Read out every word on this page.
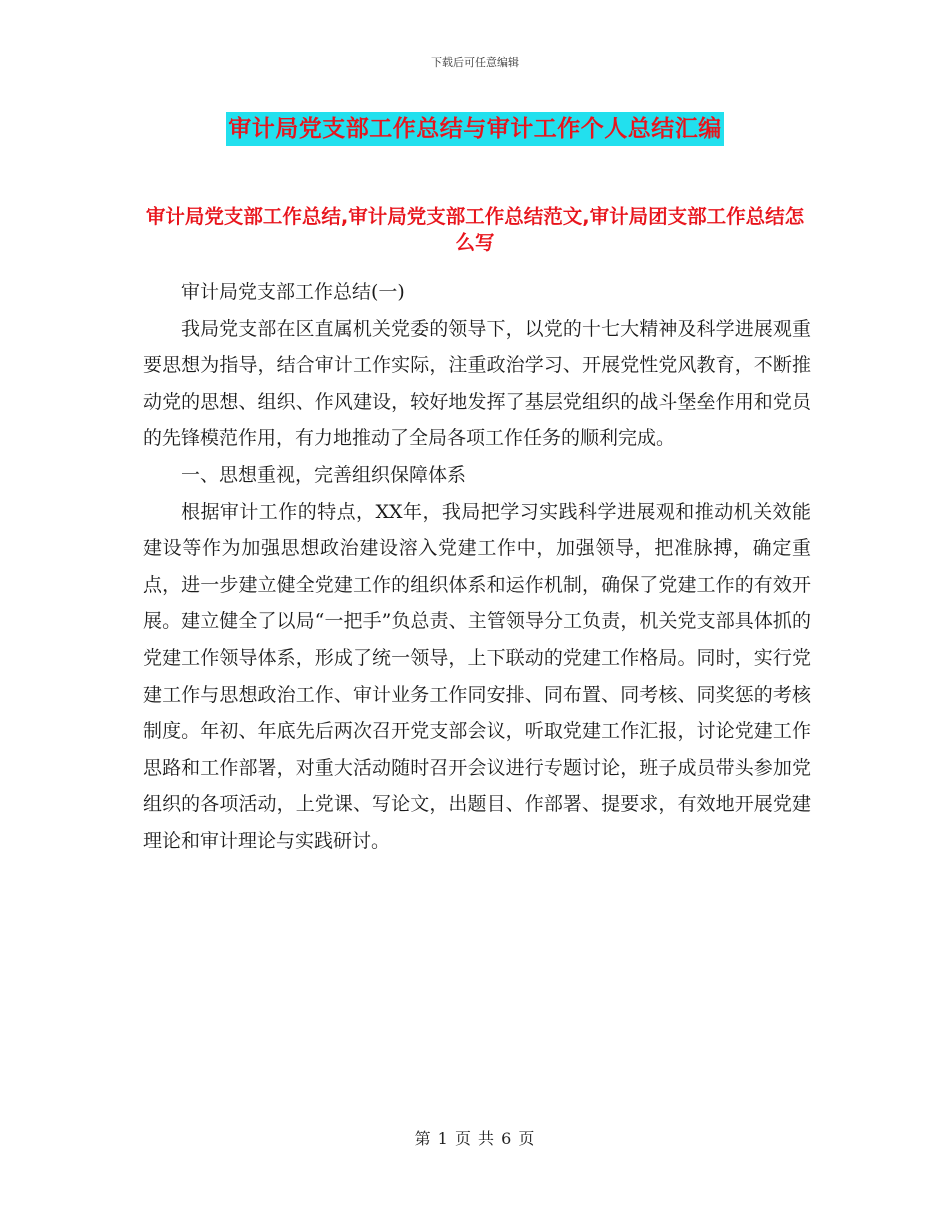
下载后可任意编辑
审计局党支部工作总结与审计工作个人总结汇编
审计局党支部工作总结,审计局党支部工作总结范文,审计局团支部工作总结怎么写

审计局党支部工作总结(一)

我局党支部在区直属机关党委的领导下，以党的十七大精神及科学进展观重要思想为指导，结合审计工作实际，注重政治学习、开展党性党风教育，不断推动党的思想、组织、作风建设，较好地发挥了基层党组织的战斗堡垒作用和党员的先锋模范作用，有力地推动了全局各项工作任务的顺利完成。

一、思想重视，完善组织保障体系

根据审计工作的特点，XX年，我局把学习实践科学进展观和推动机关效能建设等作为加强思想政治建设溶入党建工作中，加强领导，把准脉搏，确定重点，进一步建立健全党建工作的组织体系和运作机制，确保了党建工作的有效开展。建立健全了以局“一把手”负总责、主管领导分工负责，机关党支部具体抓的党建工作领导体系，形成了统一领导，上下联动的党建工作格局。同时，实行党建工作与思想政治工作、审计业务工作同安排、同布置、同考核、同奖惩的考核制度。年初、年底先后两次召开党支部会议，听取党建工作汇报，讨论党建工作思路和工作部署，对重大活动随时召开会议进行专题讨论，班子成员带头参加党组织的各项活动，上党课、写论文，出题目、作部署、提要求，有效地开展党建理论和审计理论与实践研讨。

第 1 页 共 6 页
